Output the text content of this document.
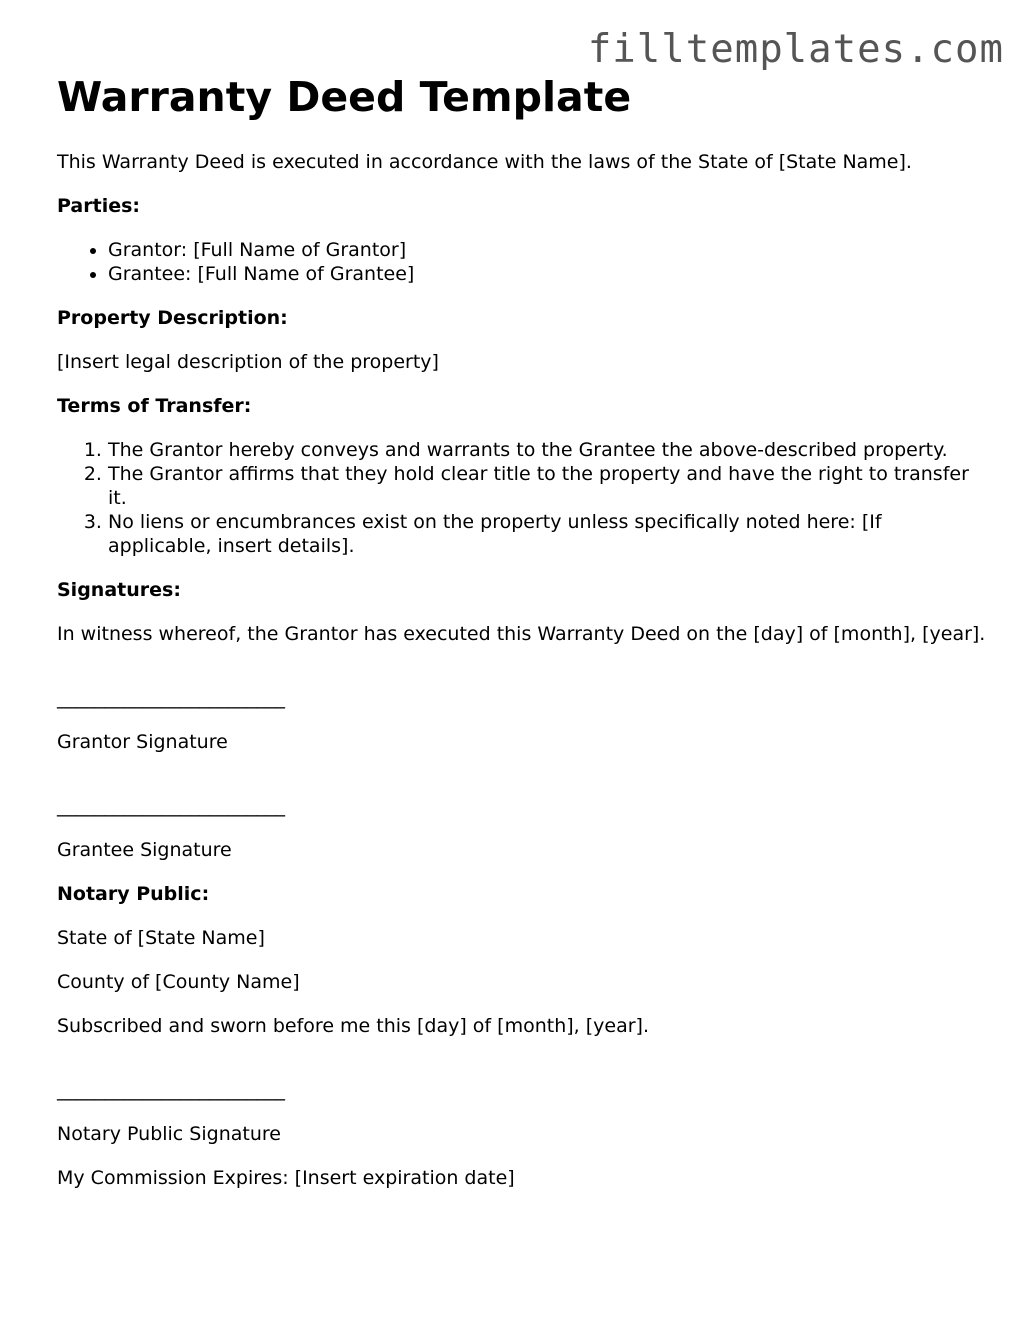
filltemplates.com
Warranty Deed Template

This Warranty Deed is executed in accordance with the laws of the State of [State Name].

Parties:

• Grantor: [Full Name of Grantor]
• Grantee: [Full Name of Grantee]

Property Description:

[Insert legal description of the property]

Terms of Transfer:

1. The Grantor hereby conveys and warrants to the Grantee the above-described property.
2. The Grantor affirms that they hold clear title to the property and have the right to transfer it.
3. No liens or encumbrances exist on the property unless specifically noted here: [If applicable, insert details].

Signatures:

In witness whereof, the Grantor has executed this Warranty Deed on the [day] of [month], [year].

________________________

Grantor Signature

________________________

Grantee Signature

Notary Public:

State of [State Name]

County of [County Name]

Subscribed and sworn before me this [day] of [month], [year].

________________________

Notary Public Signature

My Commission Expires: [Insert expiration date]
